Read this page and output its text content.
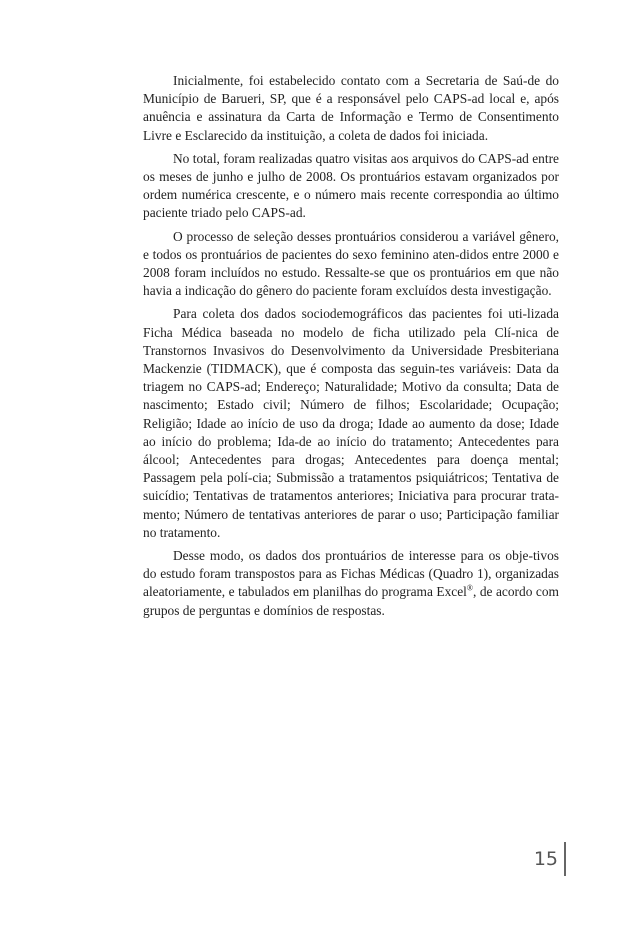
Inicialmente, foi estabelecido contato com a Secretaria de Saú-de do Município de Barueri, SP, que é a responsável pelo CAPS-ad local e, após anuência e assinatura da Carta de Informação e Termo de Consentimento Livre e Esclarecido da instituição, a coleta de dados foi iniciada.

No total, foram realizadas quatro visitas aos arquivos do CAPS-ad entre os meses de junho e julho de 2008. Os prontuários estavam organizados por ordem numérica crescente, e o número mais recente correspondia ao último paciente triado pelo CAPS-ad.

O processo de seleção desses prontuários considerou a variável gênero, e todos os prontuários de pacientes do sexo feminino aten-didos entre 2000 e 2008 foram incluídos no estudo. Ressalte-se que os prontuários em que não havia a indicação do gênero do paciente foram excluídos desta investigação.

Para coleta dos dados sociodemográficos das pacientes foi uti-lizada Ficha Médica baseada no modelo de ficha utilizado pela Clí-nica de Transtornos Invasivos do Desenvolvimento da Universidade Presbiteriana Mackenzie (TIDMACK), que é composta das seguin-tes variáveis: Data da triagem no CAPS-ad; Endereço; Naturalidade; Motivo da consulta; Data de nascimento; Estado civil; Número de filhos; Escolaridade; Ocupação; Religião; Idade ao início de uso da droga; Idade ao aumento da dose; Idade ao início do problema; Ida-de ao início do tratamento; Antecedentes para álcool; Antecedentes para drogas; Antecedentes para doença mental; Passagem pela polí-cia; Submissão a tratamentos psiquiátricos; Tentativa de suicídio; Tentativas de tratamentos anteriores; Iniciativa para procurar trata-mento; Número de tentativas anteriores de parar o uso; Participação familiar no tratamento.

Desse modo, os dados dos prontuários de interesse para os obje-tivos do estudo foram transpostos para as Fichas Médicas (Quadro 1), organizadas aleatoriamente, e tabulados em planilhas do programa Excel®, de acordo com grupos de perguntas e domínios de respostas.

15
